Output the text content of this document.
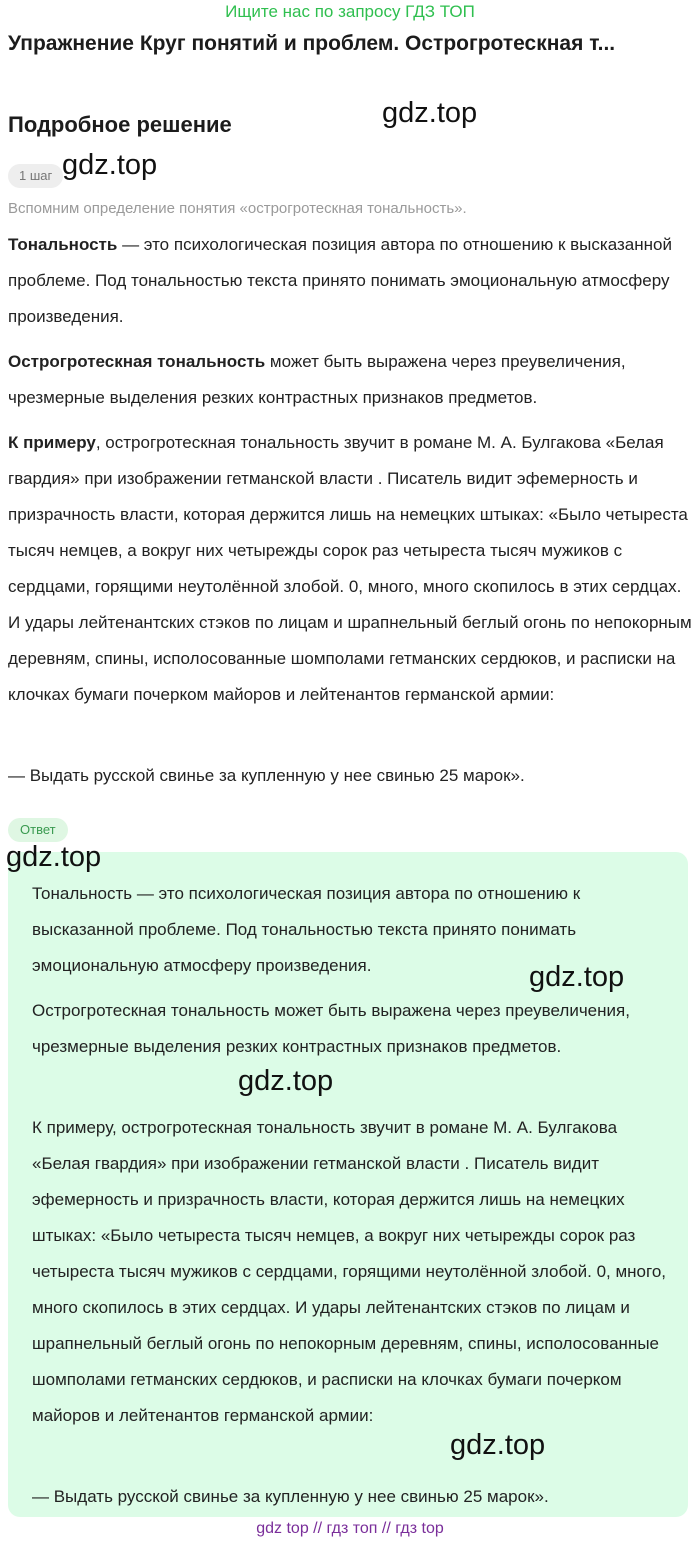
Ищите нас по запросу ГДЗ ТОП
Упражнение Круг понятий и проблем. Острогротескная т...
Подробное решение
1 шаг
Вспомним определение понятия «острогротескная тональность».

Тональность — это психологическая позиция автора по отношению к высказанной проблеме. Под тональностью текста принято понимать эмоциональную атмосферу произведения.

Острогротескная тональность может быть выражена через преувеличения, чрезмерные выделения резких контрастных признаков предметов.

К примеру, острогротескная тональность звучит в романе М. А. Булгакова «Белая гвардия» при изображении гетманской власти . Писатель видит эфемерность и призрачность власти, которая держится лишь на немецких штыках: «Было четыреста тысяч немцев, а вокруг них четырежды сорок раз четыреста тысяч мужиков с сердцами, горящими неутолённой злобой. 0, много, много скопилось в этих сердцах. И удары лейтенантских стэков по лицам и шрапнельный беглый огонь по непокорным деревням, спины, исполосованные шомполами гетманских сердюков, и расписки на клочках бумаги почерком майоров и лейтенантов германской армии:

— Выдать русской свинье за купленную у нее свинью 25 марок».

Ответ

Тональность — это психологическая позиция автора по отношению к высказанной проблеме. Под тональностью текста принято понимать эмоциональную атмосферу произведения.

Острогротескная тональность может быть выражена через преувеличения, чрезмерные выделения резких контрастных признаков предметов.

К примеру, острогротескная тональность звучит в романе М. А. Булгакова «Белая гвардия» при изображении гетманской власти . Писатель видит эфемерность и призрачность власти, которая держится лишь на немецких штыках: «Было четыреста тысяч немцев, а вокруг них четырежды сорок раз четыреста тысяч мужиков с сердцами, горящими неутолённой злобой. 0, много, много скопилось в этих сердцах. И удары лейтенантских стэков по лицам и шрапнельный беглый огонь по непокорным деревням, спины, исполосованные шомполами гетманских сердюков, и расписки на клочках бумаги почерком майоров и лейтенантов германской армии:

— Выдать русской свинье за купленную у нее свинью 25 марок».

gdz.top
gdz.top
gdz.top
gdz.top
gdz.top
gdz.top
gdz top // гдз топ // гдз top
